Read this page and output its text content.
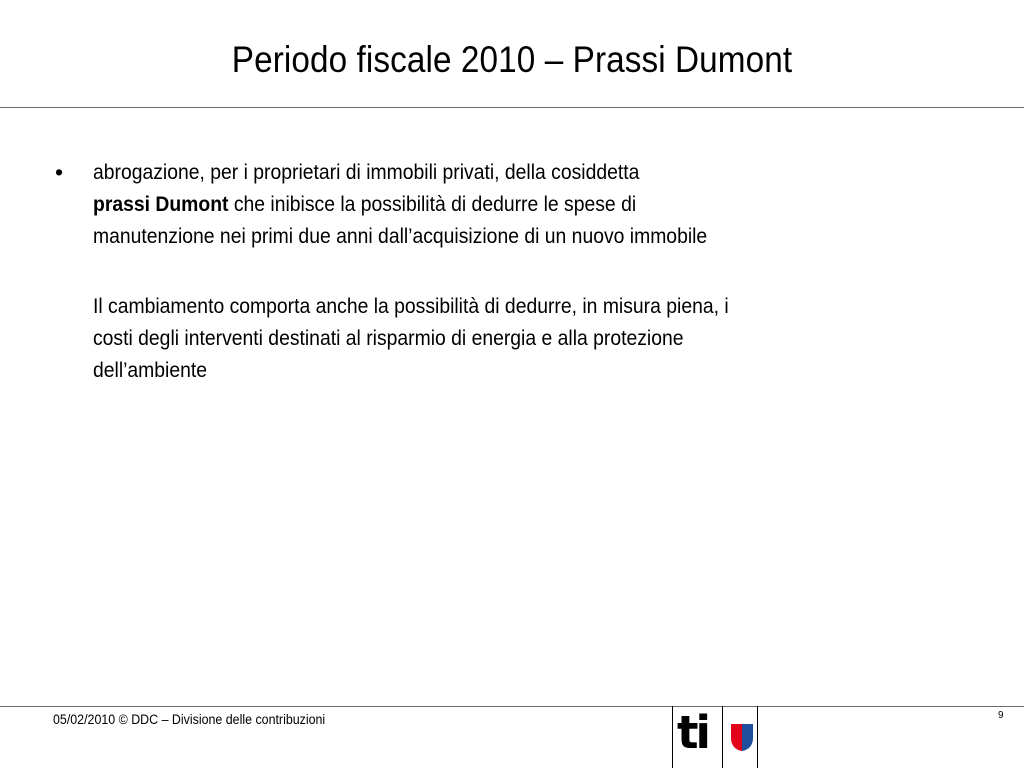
Periodo fiscale 2010 – Prassi Dumont
• abrogazione, per i proprietari di immobili privati, della cosiddetta
prassi Dumont che inibisce la possibilità di dedurre le spese di
manutenzione nei primi due anni dall’acquisizione di un nuovo immobile
Il cambiamento comporta anche la possibilità di dedurre, in misura piena, i
costi degli interventi destinati al risparmio di energia e alla protezione
dell’ambiente
05/02/2010 © DDC – Divisione delle contribuzioni	9
ti
